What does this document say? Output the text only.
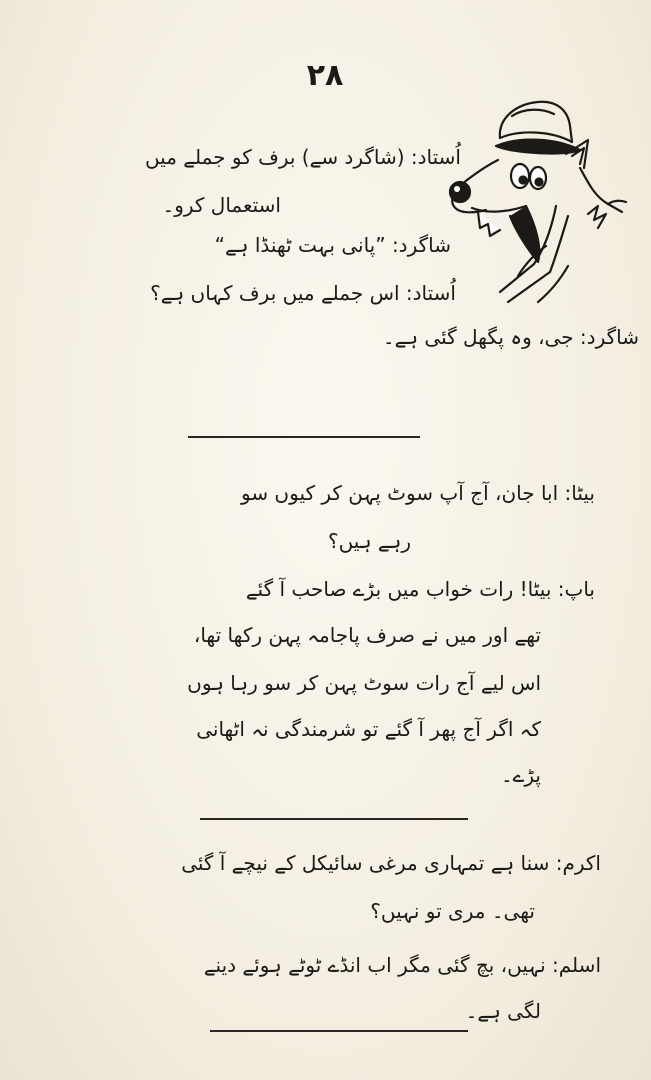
۲۸
اُستاد: (شاگرد سے) برف کو جملے میں
استعمال کرو۔
شاگرد: ”پانی بہت ٹھنڈا ہے“
اُستاد: اس جملے میں برف کہاں ہے؟
شاگرد: جی، وہ پگھل گئی ہے۔
بیٹا: ابا جان، آج آپ سوٹ پہن کر کیوں سو
رہے ہیں؟
باپ: بیٹا! رات خواب میں بڑے صاحب آ گئے
تھے اور میں نے صرف پاجامہ پہن رکھا تھا،
اس لیے آج رات سوٹ پہن کر سو رہا ہوں
کہ اگر آج پھر آ گئے تو شرمندگی نہ اٹھانی
پڑے۔
اکرم: سنا ہے تمہاری مرغی سائیکل کے نیچے آ گئی
تھی۔ مری تو نہیں؟
اسلم: نہیں، بچ گئی مگر اب انڈے ٹوٹے ہوئے دینے
لگی ہے۔
